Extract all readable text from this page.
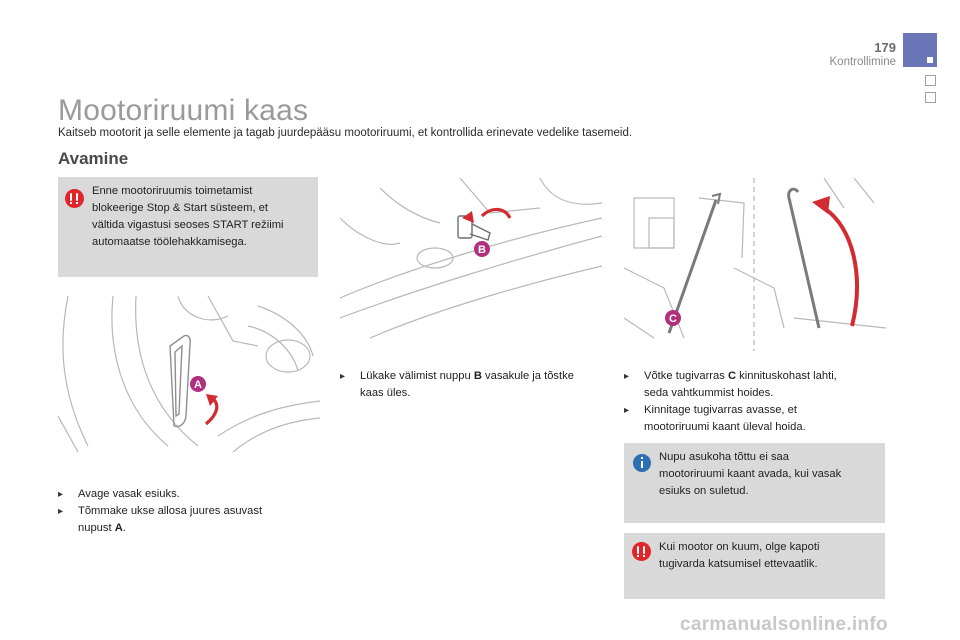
179
Kontrollimine
Mootoriruumi kaas
Kaitseb mootorit ja selle elemente ja tagab juurdepääsu mootoriruumi, et kontrollida erinevate vedelike tasemeid.
Avamine
Enne mootoriruumis toimetamist
blokeerige Stop & Start süsteem, et
vältida vigastusi seoses START režiimi
automaatse töölehakkamisega.
A
▸ Avage vasak esiuks.
▸ Tõmmake ukse allosa juures asuvast
nupust A.
B
▸ Lükake välimist nuppu B vasakule ja tõstke
kaas üles.
C
▸ Võtke tugivarras C kinnituskohast lahti,
seda vahtkummist hoides.
▸ Kinnitage tugivarras avasse, et
mootoriruumi kaant üleval hoida.
Nupu asukoha tõttu ei saa
mootoriruumi kaant avada, kui vasak
esiuks on suletud.
Kui mootor on kuum, olge kapoti
tugivarda katsumisel ettevaatlik.
carmanualsonline.info
